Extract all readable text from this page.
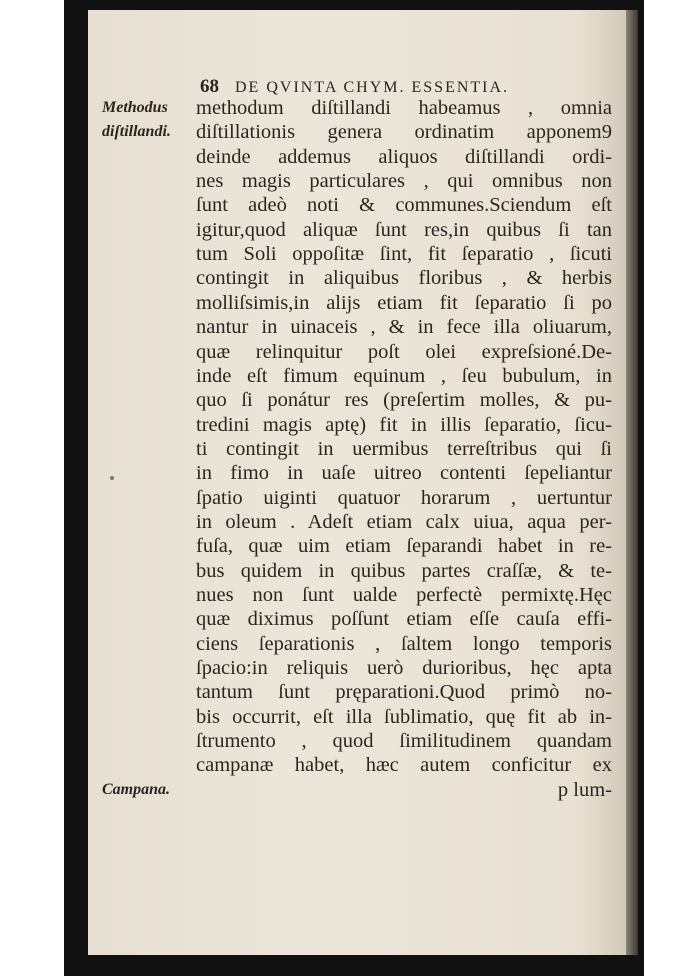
68 DE QVINTA CHYM. ESSENTIA.
methodum diſtillandi habeamus , omnia
diſtillationis genera ordinatim apponem9
deinde addemus aliquos diſtillandi ordi-
nes magis particulares , qui omnibus non
ſunt adeò noti & communes.Sciendum eſt
igitur,quod aliquæ ſunt res,in quibus ſi tan
tum Soli oppoſitæ ſint, fit ſeparatio , ſicuti
contingit in aliquibus floribus , & herbis
molliſsimis,in alijs etiam fit ſeparatio ſi po
nantur in uinaceis , & in fece illa oliuarum,
quæ relinquitur poſt olei expreſsioné.De-
inde eſt fimum equinum , ſeu bubulum, in
quo ſi ponátur res (preſertim molles, & pu-
tredini magis aptę) fit in illis ſeparatio, ſicu-
ti contingit in uermibus terreſtribus qui ſi
in fimo in uaſe uitreo contenti ſepeliantur
ſpatio uiginti quatuor horarum , uertuntur
in oleum . Adeſt etiam calx uiua, aqua per-
fuſa, quæ uim etiam ſeparandi habet in re-
bus quidem in quibus partes craſſæ, & te-
nues non ſunt ualde perfectè permixtę.Hęc
quæ diximus poſſunt etiam eſſe cauſa effi-
ciens ſeparationis , ſaltem longo temporis
ſpacio:in reliquis uerò durioribus, hęc apta
tantum ſunt pręparationi.Quod primò no-
bis occurrit, eſt illa ſublimatio, quę fit ab in-
ſtrumento , quod ſimilitudinem quandam
campanæ habet, hæc autem conficitur ex
p lum-
Methodus
diſtillandi.
Campana.
